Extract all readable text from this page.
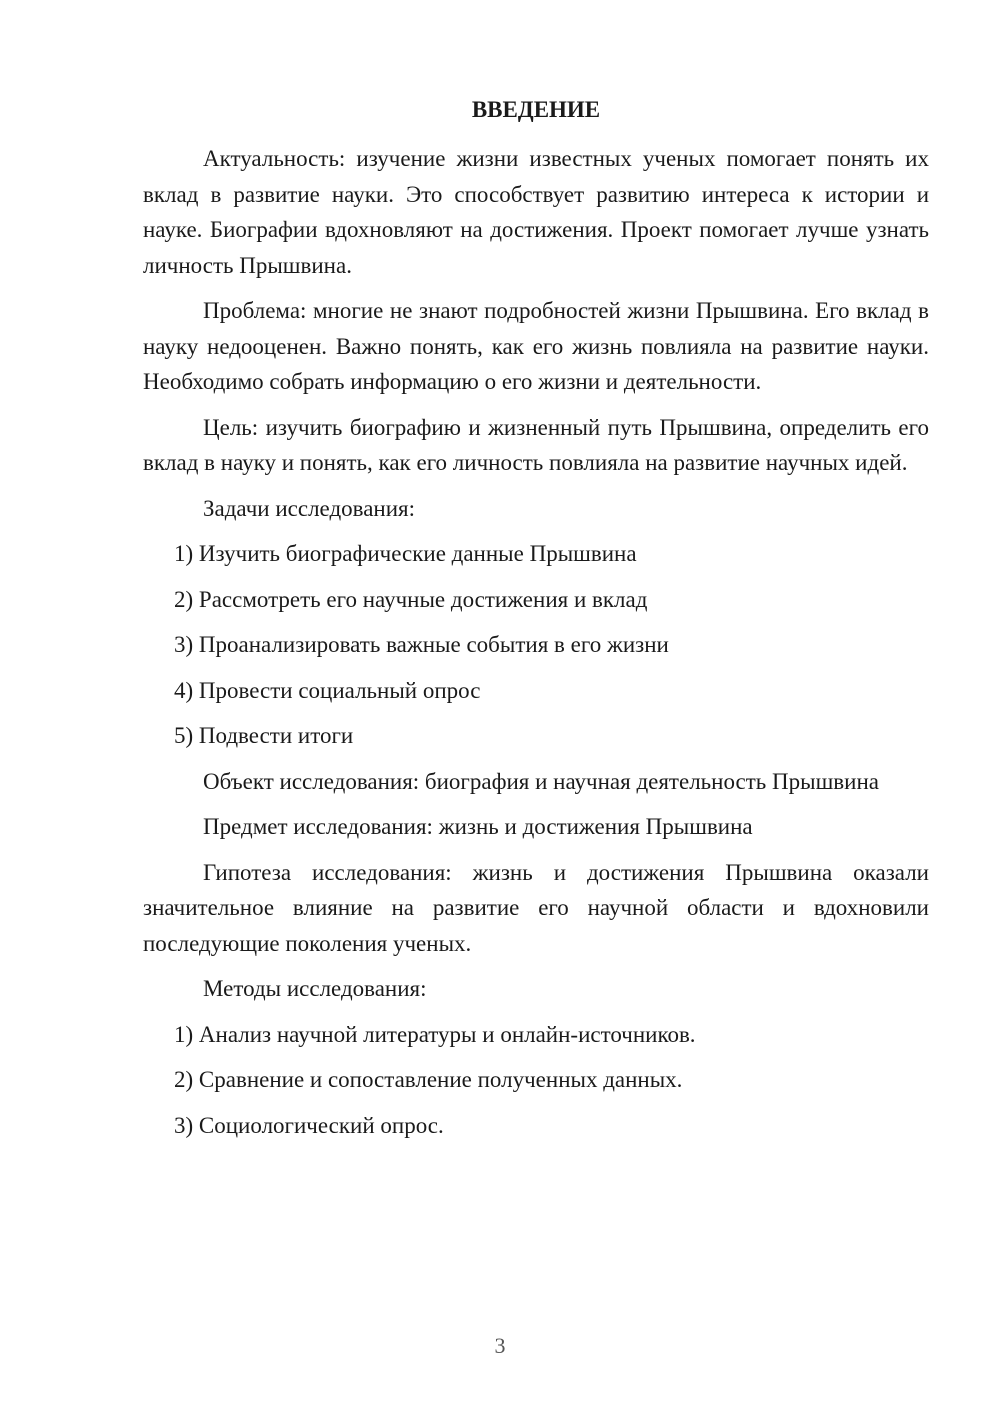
ВВЕДЕНИЕ

Актуальность: изучение жизни известных ученых помогает понять их вклад в развитие науки. Это способствует развитию интереса к истории и науке. Биографии вдохновляют на достижения. Проект помогает лучше узнать личность Прышвина.

Проблема: многие не знают подробностей жизни Прышвина. Его вклад в науку недооценен. Важно понять, как его жизнь повлияла на развитие науки. Необходимо собрать информацию о его жизни и деятельности.

Цель: изучить биографию и жизненный путь Прышвина, определить его вклад в науку и понять, как его личность повлияла на развитие научных идей.

Задачи исследования:

1) Изучить биографические данные Прышвина

2) Рассмотреть его научные достижения и вклад

3) Проанализировать важные события в его жизни

4) Провести социальный опрос

5) Подвести итоги

Объект исследования: биография и научная деятельность Прышвина

Предмет исследования: жизнь и достижения Прышвина

Гипотеза исследования: жизнь и достижения Прышвина оказали значительное влияние на развитие его научной области и вдохновили последующие поколения ученых.

Методы исследования:

1) Анализ научной литературы и онлайн-источников.

2) Сравнение и сопоставление полученных данных.

3) Социологический опрос.

3
